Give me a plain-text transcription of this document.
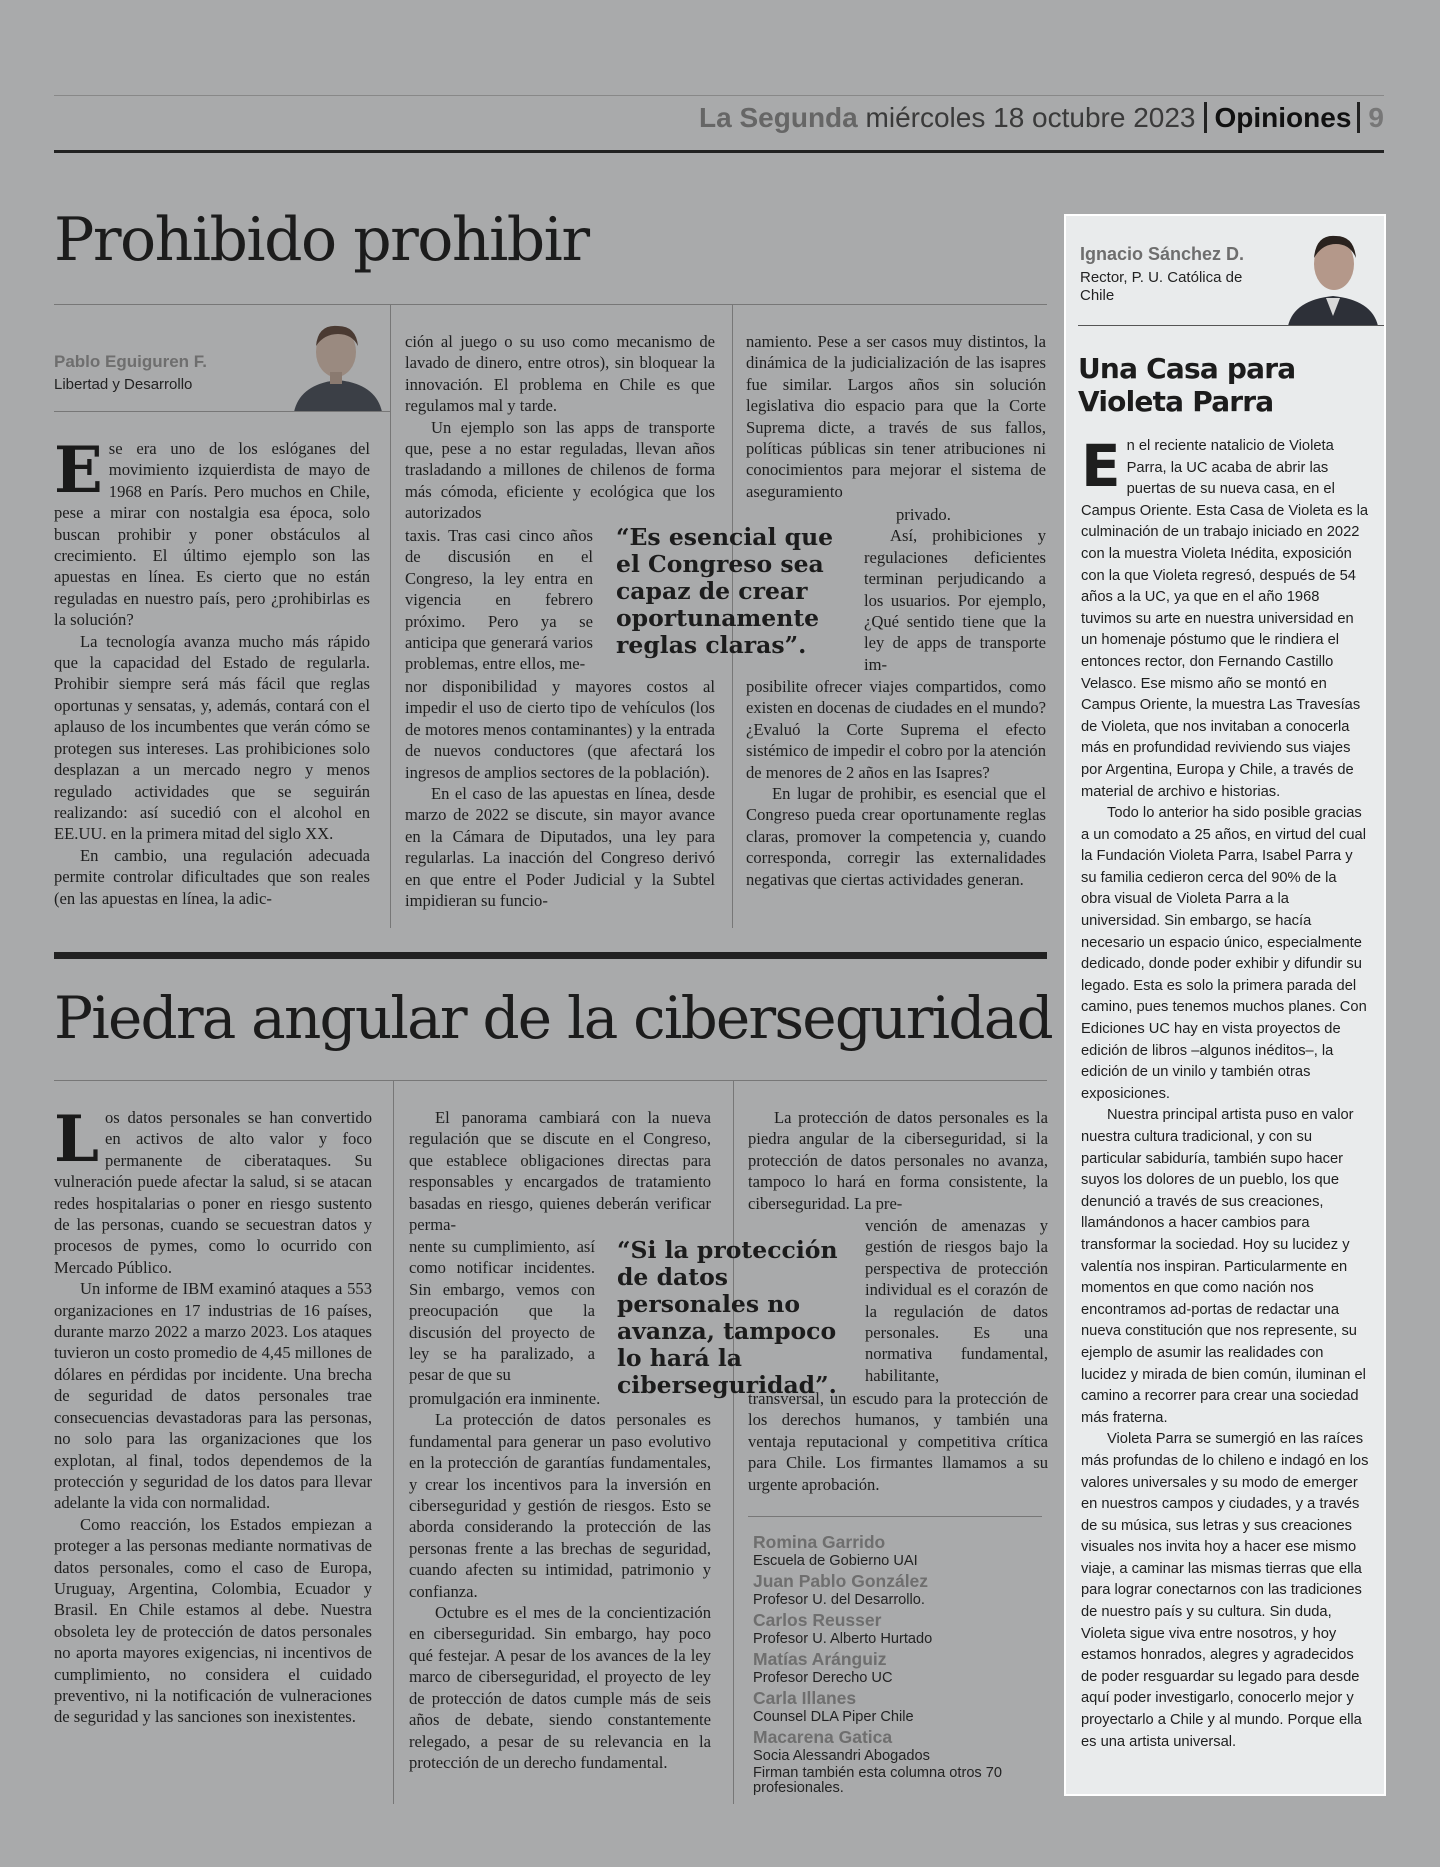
La Segunda miércoles 18 octubre 2023 Opiniones 9
Prohibido prohibir

Pablo Eguiguren F.

Libertad y Desarrollo

Ese era uno de los eslóganes del movimiento izquierdista de mayo de 1968 en París. Pero muchos en Chile, pese a mirar con nostalgia esa época, solo buscan prohibir y poner obstáculos al crecimiento. El último ejemplo son las apuestas en línea. Es cierto que no están reguladas en nuestro país, pero ¿prohibirlas es la solución?

La tecnología avanza mucho más rápido que la capacidad del Estado de regularla. Prohibir siempre será más fácil que reglas oportunas y sensatas, y, además, contará con el aplauso de los incumbentes que verán cómo se protegen sus intereses. Las prohibiciones solo desplazan a un mercado negro y menos regulado actividades que se seguirán realizando: así sucedió con el alcohol en EE.UU. en la primera mitad del siglo XX.

En cambio, una regulación adecuada permite controlar dificultades que son reales (en las apuestas en línea, la adic-

ción al juego o su uso como mecanismo de lavado de dinero, entre otros), sin bloquear la innovación. El problema en Chile es que regulamos mal y tarde.

Un ejemplo son las apps de transporte que, pese a no estar reguladas, llevan años trasladando a millones de chilenos de forma más cómoda, eficiente y ecológica que los autorizados

taxis. Tras casi cinco años de discusión en el Congreso, la ley entra en vigencia en febrero próximo. Pero ya se anticipa que generará varios problemas, entre ellos, me-

nor disponibilidad y mayores costos al impedir el uso de cierto tipo de vehículos (los de motores menos contaminantes) y la entrada de nuevos conductores (que afectará los ingresos de amplios sectores de la población).

En el caso de las apuestas en línea, desde marzo de 2022 se discute, sin mayor avance en la Cámara de Diputados, una ley para regularlas. La inacción del Congreso derivó en que entre el Poder Judicial y la Subtel impidieran su funcio-

namiento. Pese a ser casos muy distintos, la dinámica de la judicialización de las isapres fue similar. Largos años sin solución legislativa dio espacio para que la Corte Suprema dicte, a través de sus fallos, políticas públicas sin tener atribuciones ni conocimientos para mejorar el sistema de aseguramiento

privado.

Así, prohibiciones y regulaciones deficientes terminan perjudicando a los usuarios. Por ejemplo, ¿Qué sentido tiene que la ley de apps de transporte im-

posibilite ofrecer viajes compartidos, como existen en docenas de ciudades en el mundo? ¿Evaluó la Corte Suprema el efecto sistémico de impedir el cobro por la atención de menores de 2 años en las Isapres?

En lugar de prohibir, es esencial que el Congreso pueda crear oportunamente reglas claras, promover la competencia y, cuando corresponda, corregir las externalidades negativas que ciertas actividades generan.

“Es esencial que el Congreso sea capaz de crear oportunamente reglas claras”.
Piedra angular de la ciberseguridad

Los datos personales se han convertido en activos de alto valor y foco permanente de ciberataques. Su vulneración puede afectar la salud, si se atacan redes hospitalarias o poner en riesgo sustento de las personas, cuando se secuestran datos y procesos de pymes, como lo ocurrido con Mercado Público.

Un informe de IBM examinó ataques a 553 organizaciones en 17 industrias de 16 países, durante marzo 2022 a marzo 2023. Los ataques tuvieron un costo promedio de 4,45 millones de dólares en pérdidas por incidente. Una brecha de seguridad de datos personales trae consecuencias devastadoras para las personas, no solo para las organizaciones que los explotan, al final, todos dependemos de la protección y seguridad de los datos para llevar adelante la vida con normalidad.

Como reacción, los Estados empiezan a proteger a las personas mediante normativas de datos personales, como el caso de Europa, Uruguay, Argentina, Colombia, Ecuador y Brasil. En Chile estamos al debe. Nuestra obsoleta ley de protección de datos personales no aporta mayores exigencias, ni incentivos de cumplimiento, no considera el cuidado preventivo, ni la notificación de vulneraciones de seguridad y las sanciones son inexistentes.

El panorama cambiará con la nueva regulación que se discute en el Congreso, que establece obligaciones directas para responsables y encargados de tratamiento basadas en riesgo, quienes deberán verificar perma-

nente su cumplimiento, así como notificar incidentes. Sin embargo, vemos con preocupación que la discusión del proyecto de ley se ha paralizado, a pesar de que su

promulgación era inminente.

La protección de datos personales es fundamental para generar un paso evolutivo en la protección de garantías fundamentales, y crear los incentivos para la inversión en ciberseguridad y gestión de riesgos. Esto se aborda considerando la protección de las personas frente a las brechas de seguridad, cuando afecten su intimidad, patrimonio y confianza.

Octubre es el mes de la concientización en ciberseguridad. Sin embargo, hay poco qué festejar. A pesar de los avances de la ley marco de ciberseguridad, el proyecto de ley de protección de datos cumple más de seis años de debate, siendo constantemente relegado, a pesar de su relevancia en la protección de un derecho fundamental.

La protección de datos personales es la piedra angular de la ciberseguridad, si la protección de datos personales no avanza, tampoco lo hará en forma consistente, la ciberseguridad. La pre-

vención de amenazas y gestión de riesgos bajo la perspectiva de protección individual es el corazón de la regulación de datos personales. Es una normativa fundamental, habilitante,

transversal, un escudo para la protección de los derechos humanos, y también una ventaja reputacional y competitiva crítica para Chile. Los firmantes llamamos a su urgente aprobación.

“Si la protección de datos personales no avanza, tampoco lo hará la ciberseguridad”.
Romina Garrido
Escuela de Gobierno UAI
Juan Pablo González
Profesor U. del Desarrollo.
Carlos Reusser
Profesor U. Alberto Hurtado
Matías Aránguiz
Profesor Derecho UC
Carla Illanes
Counsel DLA Piper Chile
Macarena Gatica
Socia Alessandri Abogados
Firman también esta columna otros 70 profesionales.

Ignacio Sánchez D.

Rector, P. U. Católica de Chile

Una Casa para Violeta Parra

En el reciente natalicio de Violeta Parra, la UC acaba de abrir las puertas de su nueva casa, en el Campus Oriente. Esta Casa de Violeta es la culminación de un trabajo iniciado en 2022 con la muestra Violeta Inédita, exposición con la que Violeta regresó, después de 54 años a la UC, ya que en el año 1968 tuvimos su arte en nuestra universidad en un homenaje póstumo que le rindiera el entonces rector, don Fernando Castillo Velasco. Ese mismo año se montó en Campus Oriente, la muestra Las Travesías de Violeta, que nos invitaban a conocerla más en profundidad reviviendo sus viajes por Argentina, Europa y Chile, a través de material de archivo e historias.

Todo lo anterior ha sido posible gracias a un comodato a 25 años, en virtud del cual la Fundación Violeta Parra, Isabel Parra y su familia cedieron cerca del 90% de la obra visual de Violeta Parra a la universidad. Sin embargo, se hacía necesario un espacio único, especialmente dedicado, donde poder exhibir y difundir su legado. Esta es solo la primera parada del camino, pues tenemos muchos planes. Con Ediciones UC hay en vista proyectos de edición de libros –algunos inéditos–, la edición de un vinilo y también otras exposiciones.

Nuestra principal artista puso en valor nuestra cultura tradicional, y con su particular sabiduría, también supo hacer suyos los dolores de un pueblo, los que denunció a través de sus creaciones, llamándonos a hacer cambios para transformar la sociedad. Hoy su lucidez y valentía nos inspiran. Particularmente en momentos en que como nación nos encontramos ad-portas de redactar una nueva constitución que nos represente, su ejemplo de asumir las realidades con lucidez y mirada de bien común, iluminan el camino a recorrer para crear una sociedad más fraterna.

Violeta Parra se sumergió en las raíces más profundas de lo chileno e indagó en los valores universales y su modo de emerger en nuestros campos y ciudades, y a través de su música, sus letras y sus creaciones visuales nos invita hoy a hacer ese mismo viaje, a caminar las mismas tierras que ella para lograr conectarnos con las tradiciones de nuestro país y su cultura. Sin duda, Violeta sigue viva entre nosotros, y hoy estamos honrados, alegres y agradecidos de poder resguardar su legado para desde aquí poder investigarlo, conocerlo mejor y proyectarlo a Chile y al mundo. Porque ella es una artista universal.
